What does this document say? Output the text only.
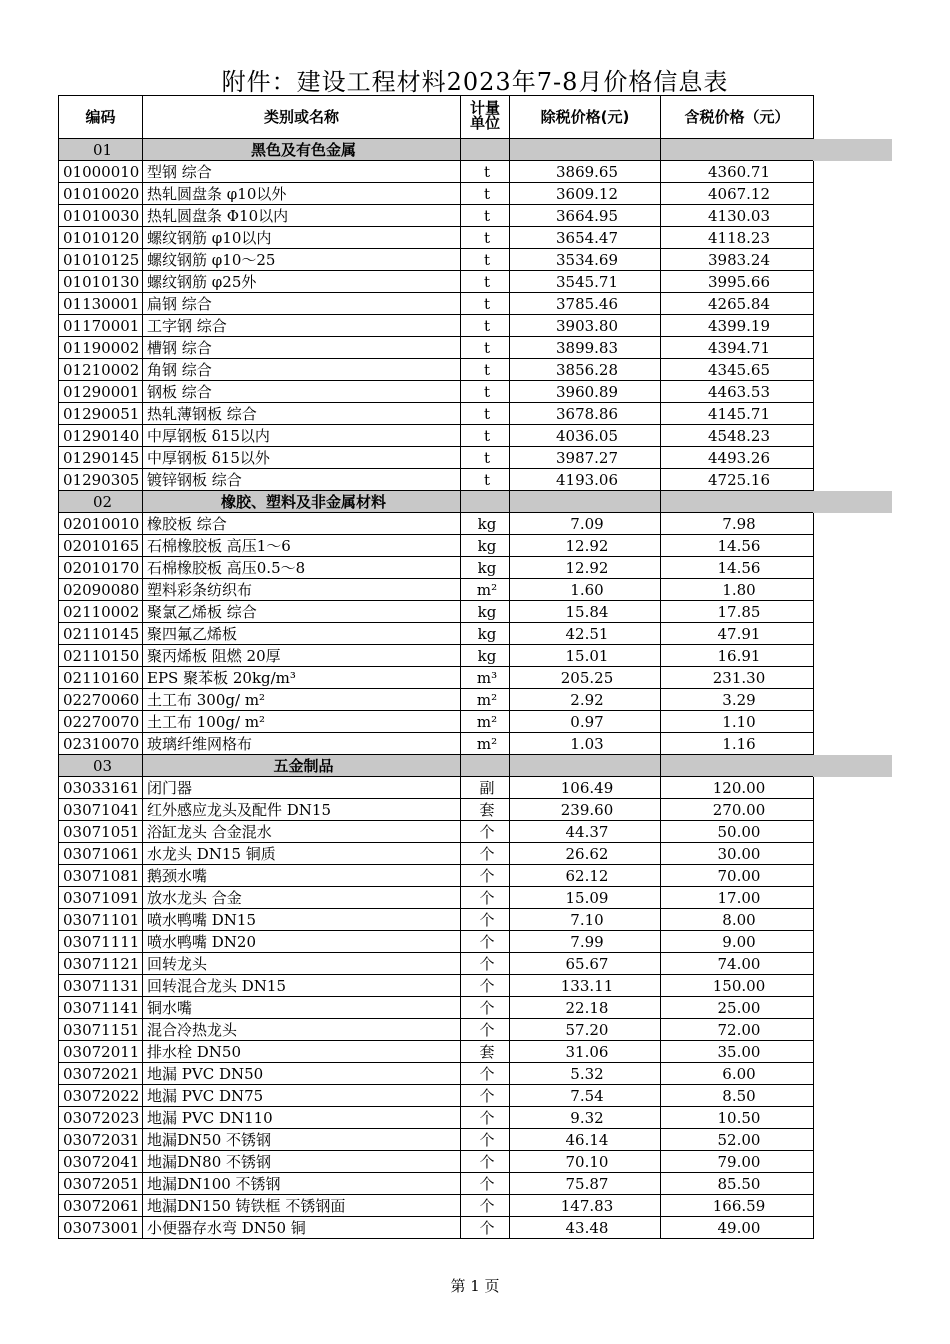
附件：建设工程材料2023年7-8月价格信息表
编码	类别或名称	计量单位	除税价格(元)	含税价格（元）
01	黑色及有色金属			
01000010	型钢 综合	t	3869.65	4360.71
01010020	热轧圆盘条 φ10以外	t	3609.12	4067.12
01010030	热轧圆盘条 Φ10以内	t	3664.95	4130.03
01010120	螺纹钢筋 φ10以内	t	3654.47	4118.23
01010125	螺纹钢筋 φ10～25	t	3534.69	3983.24
01010130	螺纹钢筋 φ25外	t	3545.71	3995.66
01130001	扁钢 综合	t	3785.46	4265.84
01170001	工字钢 综合	t	3903.80	4399.19
01190002	槽钢 综合	t	3899.83	4394.71
01210002	角钢 综合	t	3856.28	4345.65
01290001	钢板 综合	t	3960.89	4463.53
01290051	热轧薄钢板 综合	t	3678.86	4145.71
01290140	中厚钢板 δ15以内	t	4036.05	4548.23
01290145	中厚钢板 δ15以外	t	3987.27	4493.26
01290305	镀锌钢板 综合	t	4193.06	4725.16
02	橡胶、塑料及非金属材料			
02010010	橡胶板 综合	kg	7.09	7.98
02010165	石棉橡胶板 高压1～6	kg	12.92	14.56
02010170	石棉橡胶板 高压0.5～8	kg	12.92	14.56
02090080	塑料彩条纺织布	m²	1.60	1.80
02110002	聚氯乙烯板 综合	kg	15.84	17.85
02110145	聚四氟乙烯板	kg	42.51	47.91
02110150	聚丙烯板 阻燃 20厚	kg	15.01	16.91
02110160	EPS 聚苯板 20kg/m³	m³	205.25	231.30
02270060	土工布 300g/ m²	m²	2.92	3.29
02270070	土工布 100g/ m²	m²	0.97	1.10
02310070	玻璃纤维网格布	m²	1.03	1.16
03	五金制品			
03033161	闭门器	副	106.49	120.00
03071041	红外感应龙头及配件 DN15	套	239.60	270.00
03071051	浴缸龙头 合金混水	个	44.37	50.00
03071061	水龙头 DN15 铜质	个	26.62	30.00
03071081	鹅颈水嘴	个	62.12	70.00
03071091	放水龙头 合金	个	15.09	17.00
03071101	喷水鸭嘴 DN15	个	7.10	8.00
03071111	喷水鸭嘴 DN20	个	7.99	9.00
03071121	回转龙头	个	65.67	74.00
03071131	回转混合龙头 DN15	个	133.11	150.00
03071141	铜水嘴	个	22.18	25.00
03071151	混合冷热龙头	个	57.20	72.00
03072011	排水栓 DN50	套	31.06	35.00
03072021	地漏 PVC DN50	个	5.32	6.00
03072022	地漏 PVC DN75	个	7.54	8.50
03072023	地漏 PVC DN110	个	9.32	10.50
03072031	地漏DN50 不锈钢	个	46.14	52.00
03072041	地漏DN80 不锈钢	个	70.10	79.00
03072051	地漏DN100 不锈钢	个	75.87	85.50
03072061	地漏DN150 铸铁框 不锈钢面	个	147.83	166.59
03073001	小便器存水弯 DN50 铜	个	43.48	49.00
第 1 页
